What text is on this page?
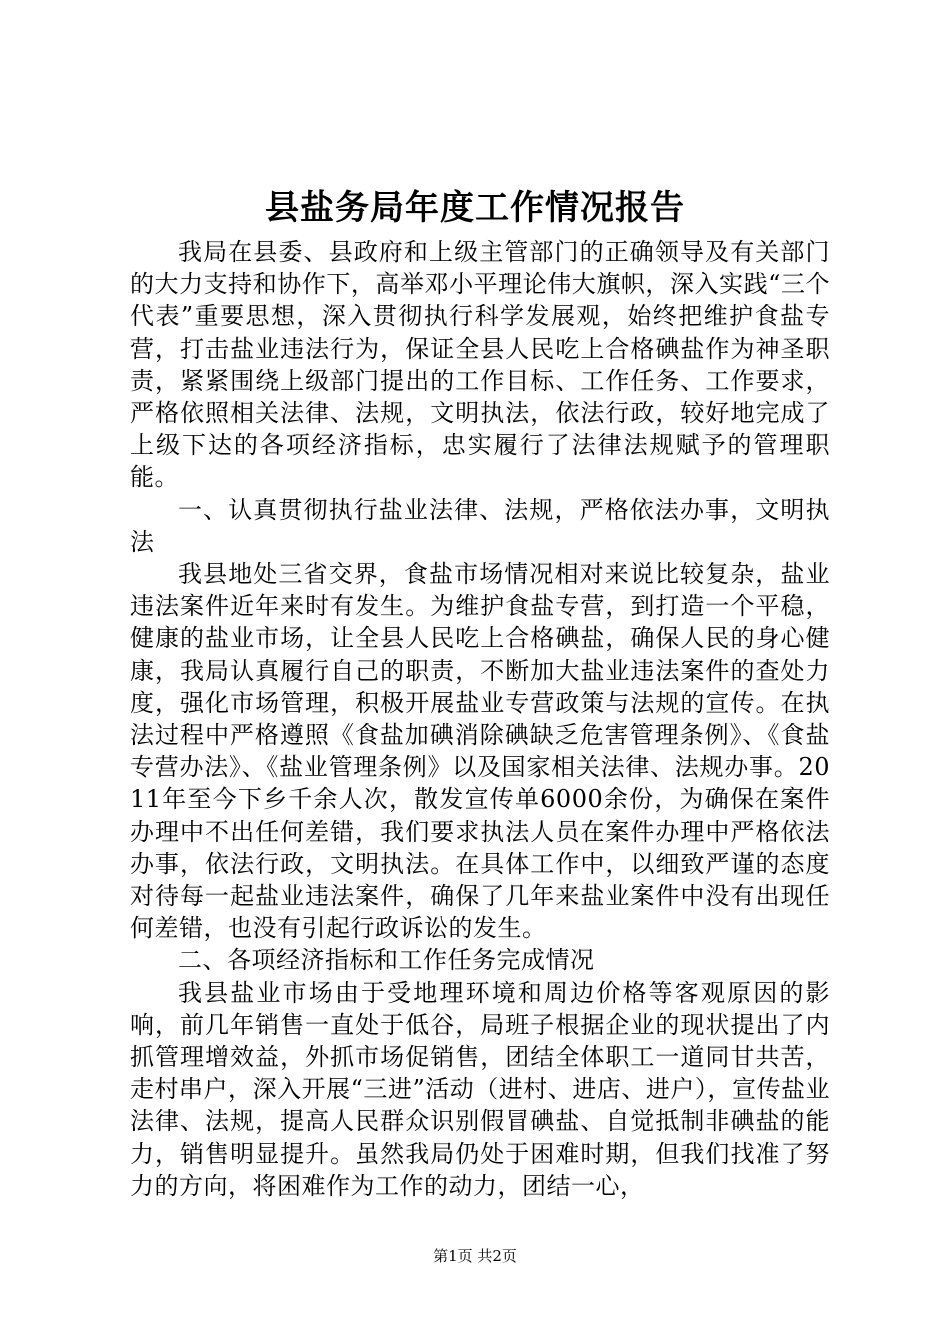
县盐务局年度工作情况报告

我局在县委、县政府和上级主管部门的正确领导及有关部门的大力支持和协作下，高举邓小平理论伟大旗帜，深入实践“三个代表”重要思想，深入贯彻执行科学发展观，始终把维护食盐专营，打击盐业违法行为，保证全县人民吃上合格碘盐作为神圣职责，紧紧围绕上级部门提出的工作目标、工作任务、工作要求，严格依照相关法律、法规，文明执法，依法行政，较好地完成了上级下达的各项经济指标，忠实履行了法律法规赋予的管理职能。

一、认真贯彻执行盐业法律、法规，严格依法办事，文明执法

我县地处三省交界，食盐市场情况相对来说比较复杂，盐业违法案件近年来时有发生。为维护食盐专营，到打造一个平稳，健康的盐业市场，让全县人民吃上合格碘盐，确保人民的身心健康，我局认真履行自己的职责，不断加大盐业违法案件的查处力度，强化市场管理，积极开展盐业专营政策与法规的宣传。在执法过程中严格遵照《食盐加碘消除碘缺乏危害管理条例》、《食盐专营办法》、《盐业管理条例》以及国家相关法律、法规办事。2011年至今下乡千余人次，散发宣传单6000余份，为确保在案件办理中不出任何差错，我们要求执法人员在案件办理中严格依法办事，依法行政，文明执法。在具体工作中，以细致严谨的态度对待每一起盐业违法案件，确保了几年来盐业案件中没有出现任何差错，也没有引起行政诉讼的发生。

二、各项经济指标和工作任务完成情况

我县盐业市场由于受地理环境和周边价格等客观原因的影响，前几年销售一直处于低谷，局班子根据企业的现状提出了内抓管理增效益，外抓市场促销售，团结全体职工一道同甘共苦，走村串户，深入开展“三进”活动（进村、进店、进户），宣传盐业法律、法规，提高人民群众识别假冒碘盐、自觉抵制非碘盐的能力，销售明显提升。虽然我局仍处于困难时期，但我们找准了努力的方向，将困难作为工作的动力，团结一心，

第1页 共2页
